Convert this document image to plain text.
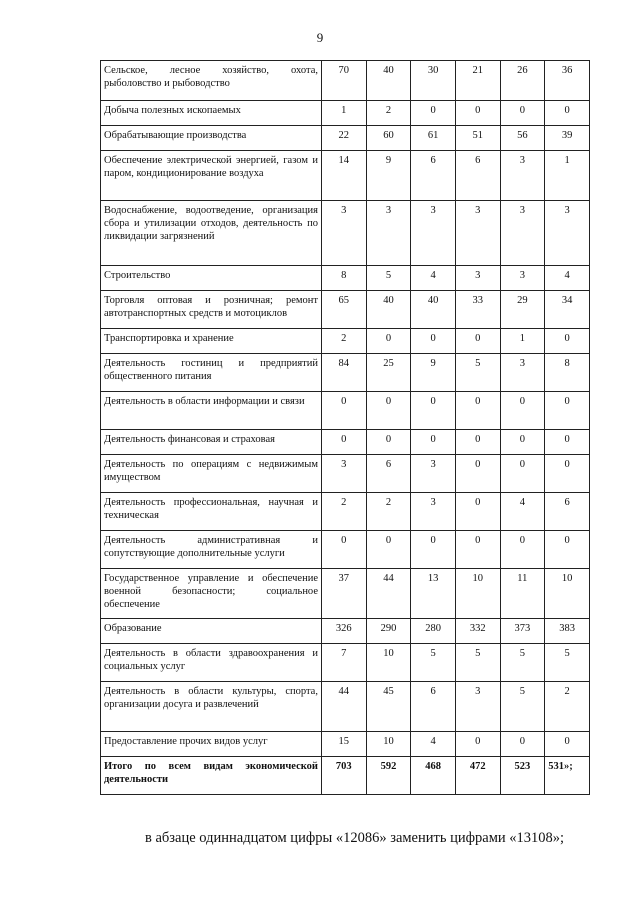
9
Сельское, лесное хозяйство, охота, рыболовство и рыбоводство	70	40	30	21	26	36
Добыча полезных ископаемых	1	2	0	0	0	0
Обрабатывающие производства	22	60	61	51	56	39
Обеспечение электрической энергией, газом и паром, кондиционирование воздуха	14	9	6	6	3	1
Водоснабжение, водоотведение, организация сбора и утилизации отходов, деятельность по ликвидации загрязнений	3	3	3	3	3	3
Строительство	8	5	4	3	3	4
Торговля оптовая и розничная; ремонт автотранспортных средств и мотоциклов	65	40	40	33	29	34
Транспортировка и хранение	2	0	0	0	1	0
Деятельность гостиниц и предприятий общественного питания	84	25	9	5	3	8
Деятельность в области информации и связи	0	0	0	0	0	0
Деятельность финансовая и страховая	0	0	0	0	0	0
Деятельность по операциям с недвижимым имуществом	3	6	3	0	0	0
Деятельность профессиональная, научная и техническая	2	2	3	0	4	6
Деятельность административная и сопутствующие дополнительные услуги	0	0	0	0	0	0
Государственное управление и обеспечение военной безопасности; социальное обеспечение	37	44	13	10	11	10
Образование	326	290	280	332	373	383
Деятельность в области здравоохранения и социальных услуг	7	10	5	5	5	5
Деятельность в области культуры, спорта, организации досуга и развлечений	44	45	6	3	5	2
Предоставление прочих видов услуг	15	10	4	0	0	0
Итого по всем видам экономической деятельности	703	592	468	472	523	531»;
в абзаце одиннадцатом цифры «12086» заменить цифрами «13108»;
